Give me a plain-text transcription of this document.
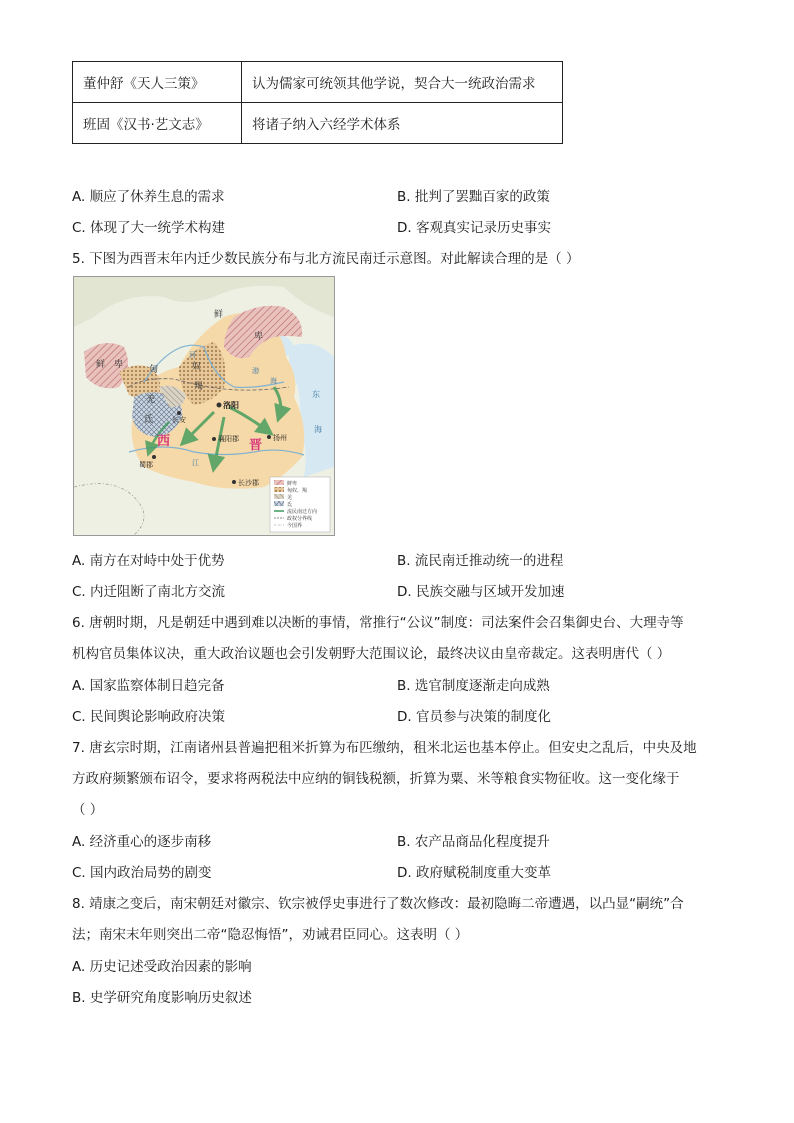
董仲舒《天人三策》	认为儒家可统领其他学说，契合大一统政治需求
班固《汉书·艺文志》	将诸子纳入六经学术体系
A. 顺应了休养生息的需求	B. 批判了罢黜百家的政策
C. 体现了大一统学术构建	D. 客观真实记录历史事实
5. 下图为西晋末年内迁少数民族分布与北方流民南迁示意图。对此解读合理的是（ ）
鲜
卑
鲜 卑	匈	奴
羯
羌
氐
洛阳
长安
襄阳郡
蜀郡
扬州
长沙郡
西	晋
河
渤
海
东
海
江
鲜卑
匈奴、羯
羌
氐
流民南迁方向
政权分界线
今国界
A. 南方在对峙中处于优势	B. 流民南迁推动统一的进程
C. 内迁阻断了南北方交流	D. 民族交融与区域开发加速
6. 唐朝时期，凡是朝廷中遇到难以决断的事情，常推行“公议”制度：司法案件会召集御史台、大理寺等
机构官员集体议决，重大政治议题也会引发朝野大范围议论，最终决议由皇帝裁定。这表明唐代（ ）
A. 国家监察体制日趋完备	B. 选官制度逐渐走向成熟
C. 民间舆论影响政府决策	D. 官员参与决策的制度化
7. 唐玄宗时期，江南诸州县普遍把租米折算为布匹缴纳，租米北运也基本停止。但安史之乱后，中央及地
方政府频繁颁布诏令，要求将两税法中应纳的铜钱税额，折算为粟、米等粮食实物征收。这一变化缘于
（ ）
A. 经济重心的逐步南移	B. 农产品商品化程度提升
C. 国内政治局势的剧变	D. 政府赋税制度重大变革
8. 靖康之变后，南宋朝廷对徽宗、钦宗被俘史事进行了数次修改：最初隐晦二帝遭遇，以凸显“嗣统”合
法；南宋末年则突出二帝“隐忍悔悟”，劝诫君臣同心。这表明（ ）
A. 历史记述受政治因素的影响
B. 史学研究角度影响历史叙述
